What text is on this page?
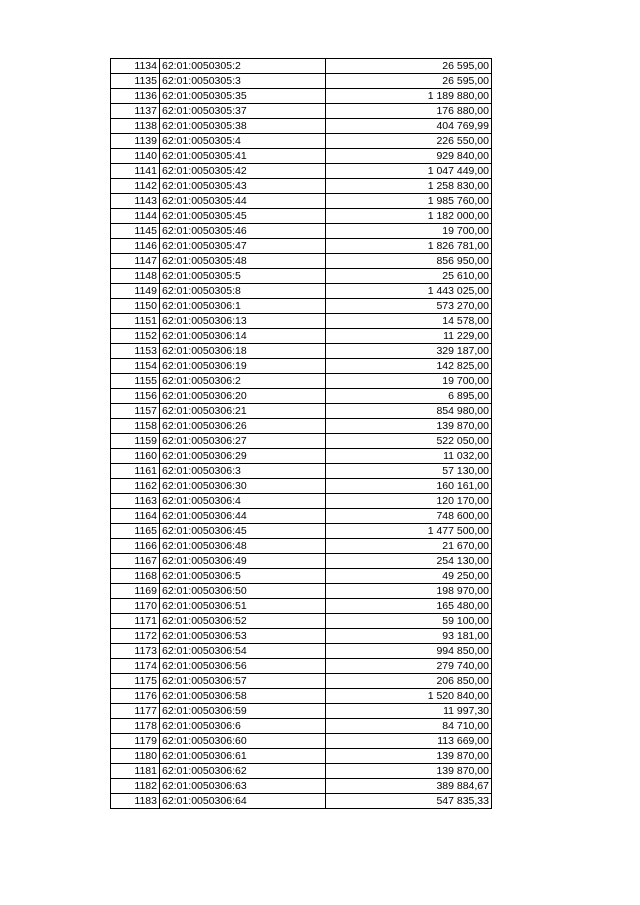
1134	62:01:0050305:2	26 595,00
1135	62:01:0050305:3	26 595,00
1136	62:01:0050305:35	1 189 880,00
1137	62:01:0050305:37	176 880,00
1138	62:01:0050305:38	404 769,99
1139	62:01:0050305:4	226 550,00
1140	62:01:0050305:41	929 840,00
1141	62:01:0050305:42	1 047 449,00
1142	62:01:0050305:43	1 258 830,00
1143	62:01:0050305:44	1 985 760,00
1144	62:01:0050305:45	1 182 000,00
1145	62:01:0050305:46	19 700,00
1146	62:01:0050305:47	1 826 781,00
1147	62:01:0050305:48	856 950,00
1148	62:01:0050305:5	25 610,00
1149	62:01:0050305:8	1 443 025,00
1150	62:01:0050306:1	573 270,00
1151	62:01:0050306:13	14 578,00
1152	62:01:0050306:14	11 229,00
1153	62:01:0050306:18	329 187,00
1154	62:01:0050306:19	142 825,00
1155	62:01:0050306:2	19 700,00
1156	62:01:0050306:20	6 895,00
1157	62:01:0050306:21	854 980,00
1158	62:01:0050306:26	139 870,00
1159	62:01:0050306:27	522 050,00
1160	62:01:0050306:29	11 032,00
1161	62:01:0050306:3	57 130,00
1162	62:01:0050306:30	160 161,00
1163	62:01:0050306:4	120 170,00
1164	62:01:0050306:44	748 600,00
1165	62:01:0050306:45	1 477 500,00
1166	62:01:0050306:48	21 670,00
1167	62:01:0050306:49	254 130,00
1168	62:01:0050306:5	49 250,00
1169	62:01:0050306:50	198 970,00
1170	62:01:0050306:51	165 480,00
1171	62:01:0050306:52	59 100,00
1172	62:01:0050306:53	93 181,00
1173	62:01:0050306:54	994 850,00
1174	62:01:0050306:56	279 740,00
1175	62:01:0050306:57	206 850,00
1176	62:01:0050306:58	1 520 840,00
1177	62:01:0050306:59	11 997,30
1178	62:01:0050306:6	84 710,00
1179	62:01:0050306:60	113 669,00
1180	62:01:0050306:61	139 870,00
1181	62:01:0050306:62	139 870,00
1182	62:01:0050306:63	389 884,67
1183	62:01:0050306:64	547 835,33
